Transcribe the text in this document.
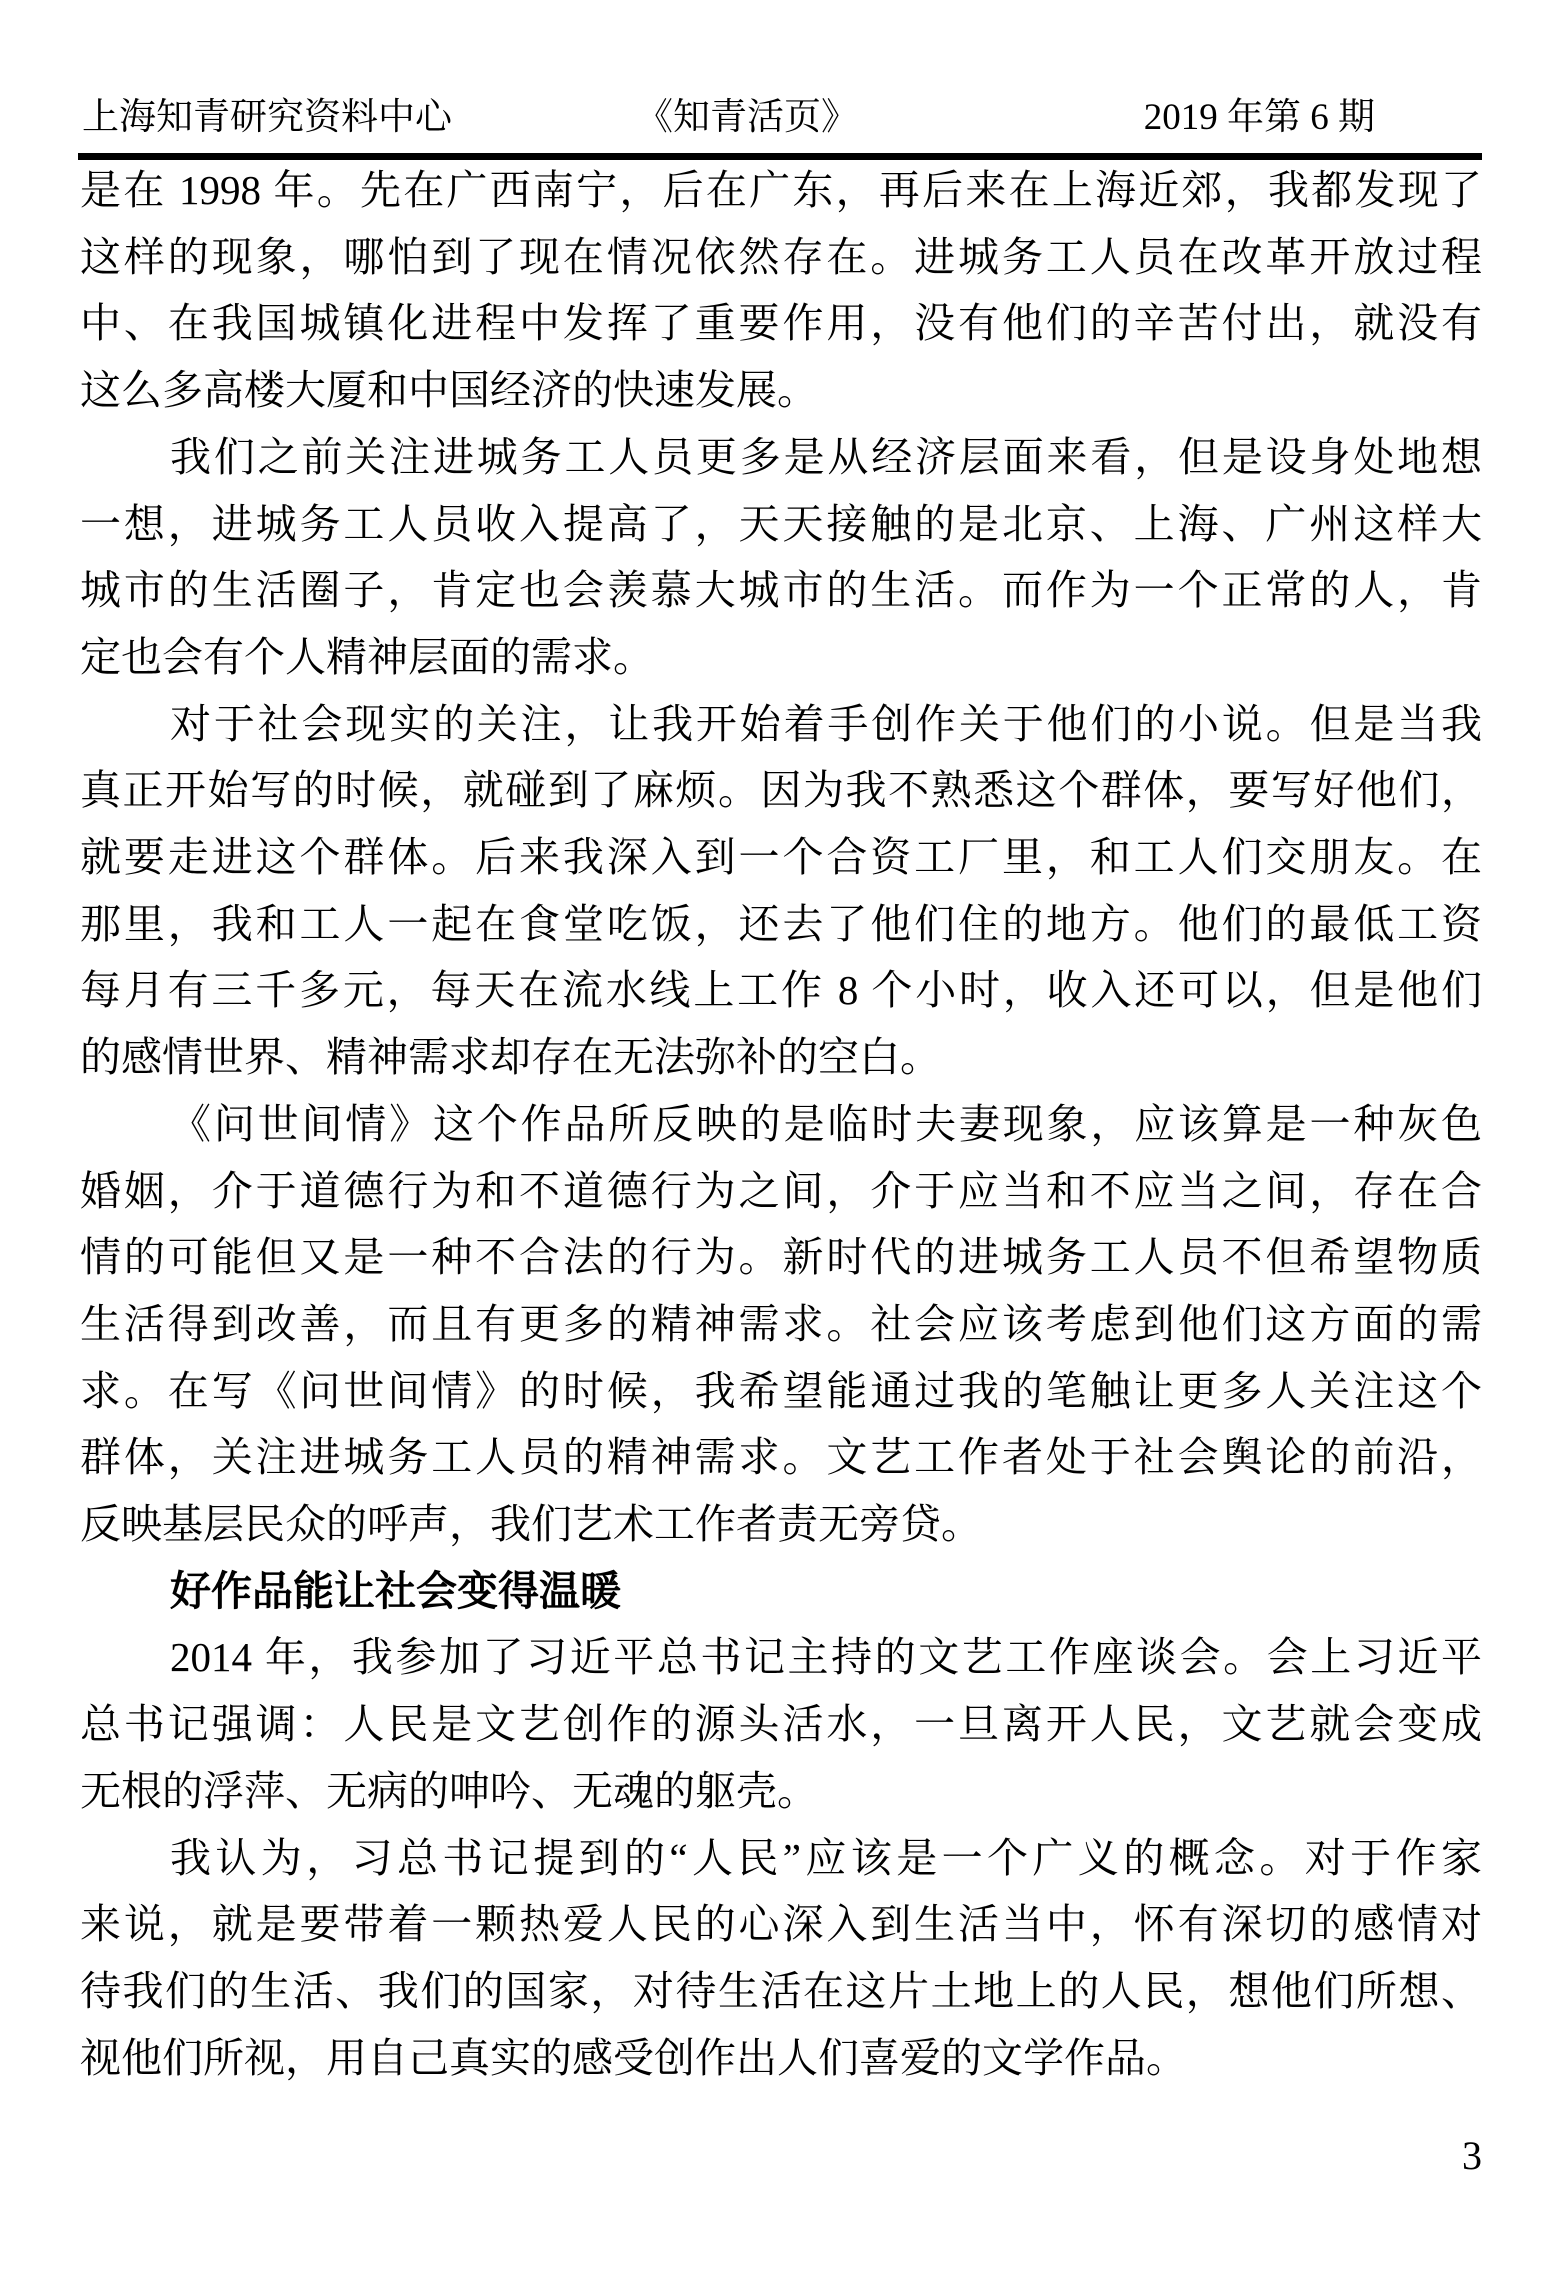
上海知青研究资料中心	《知青活页》	2019 年第 6 期
是在 1998 年。先在广西南宁，后在广东，再后来在上海近郊，我都发现了
这样的现象，哪怕到了现在情况依然存在。进城务工人员在改革开放过程
中、在我国城镇化进程中发挥了重要作用，没有他们的辛苦付出，就没有
这么多高楼大厦和中国经济的快速发展。
我们之前关注进城务工人员更多是从经济层面来看，但是设身处地想
一想，进城务工人员收入提高了，天天接触的是北京、上海、广州这样大
城市的生活圈子，肯定也会羡慕大城市的生活。而作为一个正常的人，肯
定也会有个人精神层面的需求。
对于社会现实的关注，让我开始着手创作关于他们的小说。但是当我
真正开始写的时候，就碰到了麻烦。因为我不熟悉这个群体，要写好他们，
就要走进这个群体。后来我深入到一个合资工厂里，和工人们交朋友。在
那里，我和工人一起在食堂吃饭，还去了他们住的地方。他们的最低工资
每月有三千多元，每天在流水线上工作 8 个小时，收入还可以，但是他们
的感情世界、精神需求却存在无法弥补的空白。
《问世间情》这个作品所反映的是临时夫妻现象，应该算是一种灰色
婚姻，介于道德行为和不道德行为之间，介于应当和不应当之间，存在合
情的可能但又是一种不合法的行为。新时代的进城务工人员不但希望物质
生活得到改善，而且有更多的精神需求。社会应该考虑到他们这方面的需
求。在写《问世间情》的时候，我希望能通过我的笔触让更多人关注这个
群体，关注进城务工人员的精神需求。文艺工作者处于社会舆论的前沿，
反映基层民众的呼声，我们艺术工作者责无旁贷。
好作品能让社会变得温暖
2014 年，我参加了习近平总书记主持的文艺工作座谈会。会上习近平
总书记强调：人民是文艺创作的源头活水，一旦离开人民，文艺就会变成
无根的浮萍、无病的呻吟、无魂的躯壳。
我认为，习总书记提到的“人民”应该是一个广义的概念。对于作家
来说，就是要带着一颗热爱人民的心深入到生活当中，怀有深切的感情对
待我们的生活、我们的国家，对待生活在这片土地上的人民，想他们所想、
视他们所视，用自己真实的感受创作出人们喜爱的文学作品。
3
